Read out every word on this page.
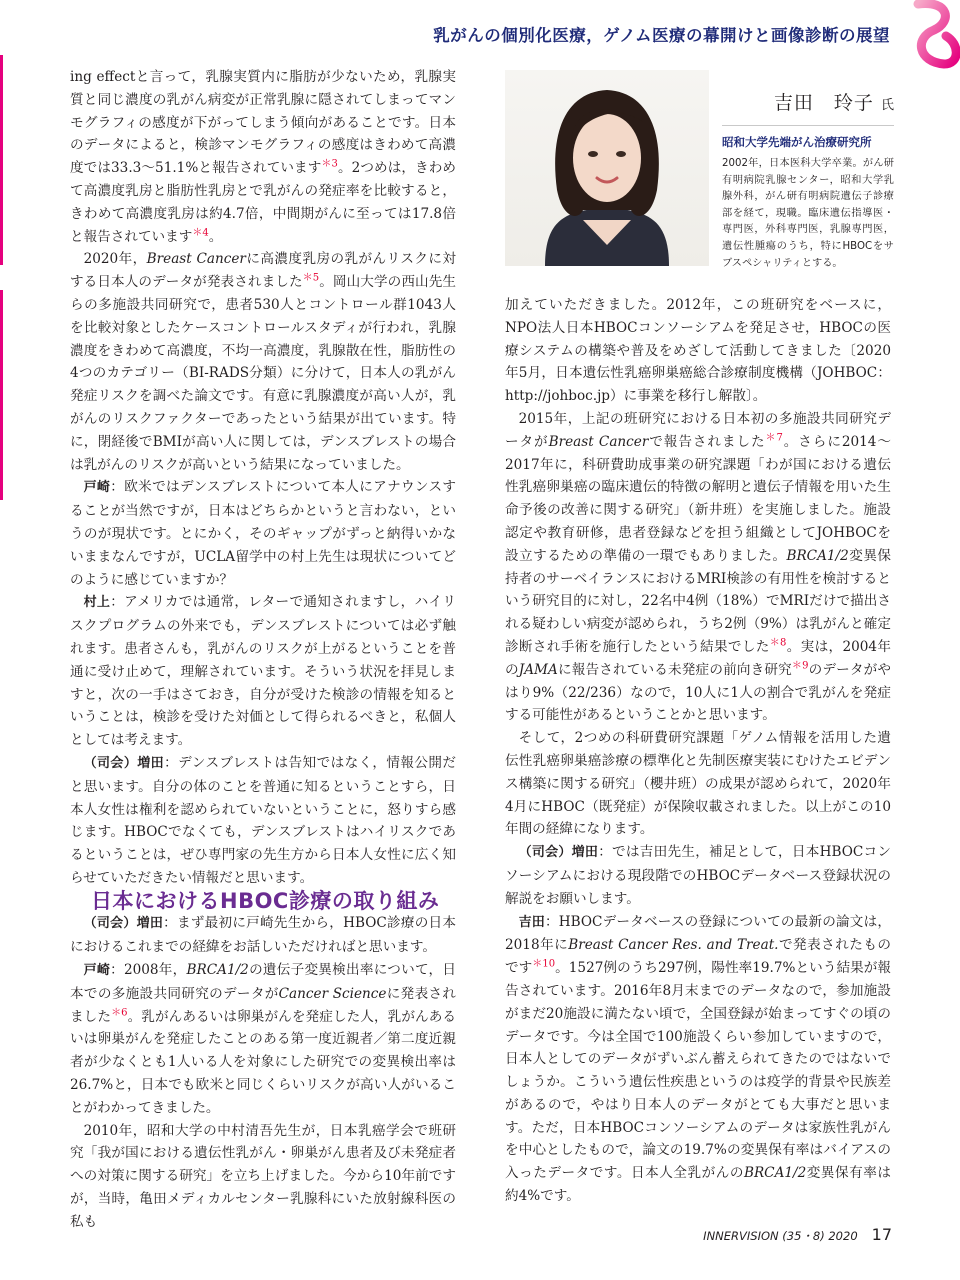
乳がんの個別化医療，ゲノム医療の幕開けと画像診断の展望

ing effectと言って，乳腺実質内に脂肪が少ないため，乳腺実質と同じ濃度の乳がん病変が正常乳腺に隠されてしまってマンモグラフィの感度が下がってしまう傾向があることです。日本のデータによると，検診マンモグラフィの感度はきわめて高濃度では33.3～51.1%と報告されています$^{*3}$。2つめは，きわめて高濃度乳房と脂肪性乳房とで乳がんの発症率を比較すると，きわめて高濃度乳房は約4.7倍，中間期がんに至っては17.8倍と報告されています$^{*4}$。

2020年，Breast Cancerに高濃度乳房の乳がんリスクに対する日本人のデータが発表されました$^{*5}$。岡山大学の西山先生らの多施設共同研究で，患者530人とコントロール群1043人を比較対象としたケースコントロールスタディが行われ，乳腺濃度をきわめて高濃度，不均一高濃度，乳腺散在性，脂肪性の4つのカテゴリー（BI-RADS分類）に分けて，日本人の乳がん発症リスクを調べた論文です。有意に乳腺濃度が高い人が，乳がんのリスクファクターであったという結果が出ています。特に，閉経後でBMIが高い人に関しては，デンスブレストの場合は乳がんのリスクが高いという結果になっていました。

戸崎：欧米ではデンスブレストについて本人にアナウンスすることが当然ですが，日本はどちらかというと言わない，というのが現状です。とにかく，そのギャップがずっと納得いかないままなんですが，UCLA留学中の村上先生は現状についてどのように感じていますか？

村上：アメリカでは通常，レターで通知されますし，ハイリスクプログラムの外来でも，デンスブレストについては必ず触れます。患者さんも，乳がんのリスクが上がるということを普通に受け止めて，理解されています。そういう状況を拝見しますと，次の一手はさておき，自分が受けた検診の情報を知るということは，検診を受けた対価として得られるべきと，私個人としては考えます。

（司会）増田：デンスブレストは告知ではなく，情報公開だと思います。自分の体のことを普通に知るということすら，日本人女性は権利を認められていないということに，怒りすら感じます。HBOCでなくても，デンスブレストはハイリスクであるということは，ぜひ専門家の先生方から日本人女性に広く知らせていただきたい情報だと思います。

日本におけるHBOC診療の取り組み

（司会）増田：まず最初に戸崎先生から，HBOC診療の日本におけるこれまでの経緯をお話しいただければと思います。

戸崎：2008年，BRCA1/2の遺伝子変異検出率について，日本での多施設共同研究のデータがCancer Scienceに発表されました$^{*6}$。乳がんあるいは卵巣がんを発症した人，乳がんあるいは卵巣がんを発症したことのある第一度近親者／第二度近親者が少なくとも1人いる人を対象にした研究での変異検出率は26.7%と，日本でも欧米と同じくらいリスクが高い人がいることがわかってきました。

2010年，昭和大学の中村清吾先生が，日本乳癌学会で班研究「我が国における遺伝性乳がん・卵巣がん患者及び未発症者への対策に関する研究」を立ち上げました。今から10年前ですが，当時，亀田メディカルセンター乳腺科にいた放射線科医の私も

吉田　玲子 氏
昭和大学先端がん治療研究所
2002年，日本医科大学卒業。がん研有明病院乳腺センター，昭和大学乳腺外科，がん研有明病院遺伝子診療部を経て，現職。臨床遺伝指導医・専門医，外科専門医，乳腺専門医，遺伝性腫瘍のうち，特にHBOCをサブスペシャリティとする。

加えていただきました。2012年，この班研究をベースに，NPO法人日本HBOCコンソーシアムを発足させ，HBOCの医療システムの構築や普及をめざして活動してきました〔2020年5月，日本遺伝性乳癌卵巣癌総合診療制度機構（JOHBOC：http://johboc.jp）に事業を移行し解散〕。

2015年，上記の班研究における日本初の多施設共同研究データがBreast Cancerで報告されました$^{*7}$。さらに2014～2017年に，科研費助成事業の研究課題「わが国における遺伝性乳癌卵巣癌の臨床遺伝的特徴の解明と遺伝子情報を用いた生命予後の改善に関する研究」（新井班）を実施しました。施設認定や教育研修，患者登録などを担う組織としてJOHBOCを設立するための準備の一環でもありました。BRCA1/2変異保持者のサーベイランスにおけるMRI検診の有用性を検討するという研究目的に対し，22名中4例（18%）でMRIだけで描出される疑わしい病変が認められ，うち2例（9%）は乳がんと確定診断され手術を施行したという結果でした$^{*8}$。実は，2004年のJAMAに報告されている未発症の前向き研究$^{*9}$のデータがやはり9%（22/236）なので，10人に1人の割合で乳がんを発症する可能性があるということかと思います。

そして，2つめの科研費研究課題「ゲノム情報を活用した遺伝性乳癌卵巣癌診療の標準化と先制医療実装にむけたエビデンス構築に関する研究」（櫻井班）の成果が認められて，2020年4月にHBOC（既発症）が保険収載されました。以上がこの10年間の経緯になります。

（司会）増田：では吉田先生，補足として，日本HBOCコンソーシアムにおける現段階でのHBOCデータベース登録状況の解説をお願いします。

吉田：HBOCデータベースの登録についての最新の論文は，2018年にBreast Cancer Res. and Treat.で発表されたものです$^{*10}$。1527例のうち297例，陽性率19.7%という結果が報告されています。2016年8月末までのデータなので，参加施設がまだ20施設に満たない頃で，全国登録が始まってすぐの頃のデータです。今は全国で100施設くらい参加していますので，日本人としてのデータがずいぶん蓄えられてきたのではないでしょうか。こういう遺伝性疾患というのは疫学的背景や民族差があるので，やはり日本人のデータがとても大事だと思います。ただ，日本HBOCコンソーシアムのデータは家族性乳がんを中心としたもので，論文の19.7%の変異保有率はバイアスの入ったデータです。日本人全乳がんのBRCA1/2変異保有率は約4%です。

INNERVISION (35・8) 2020 17
